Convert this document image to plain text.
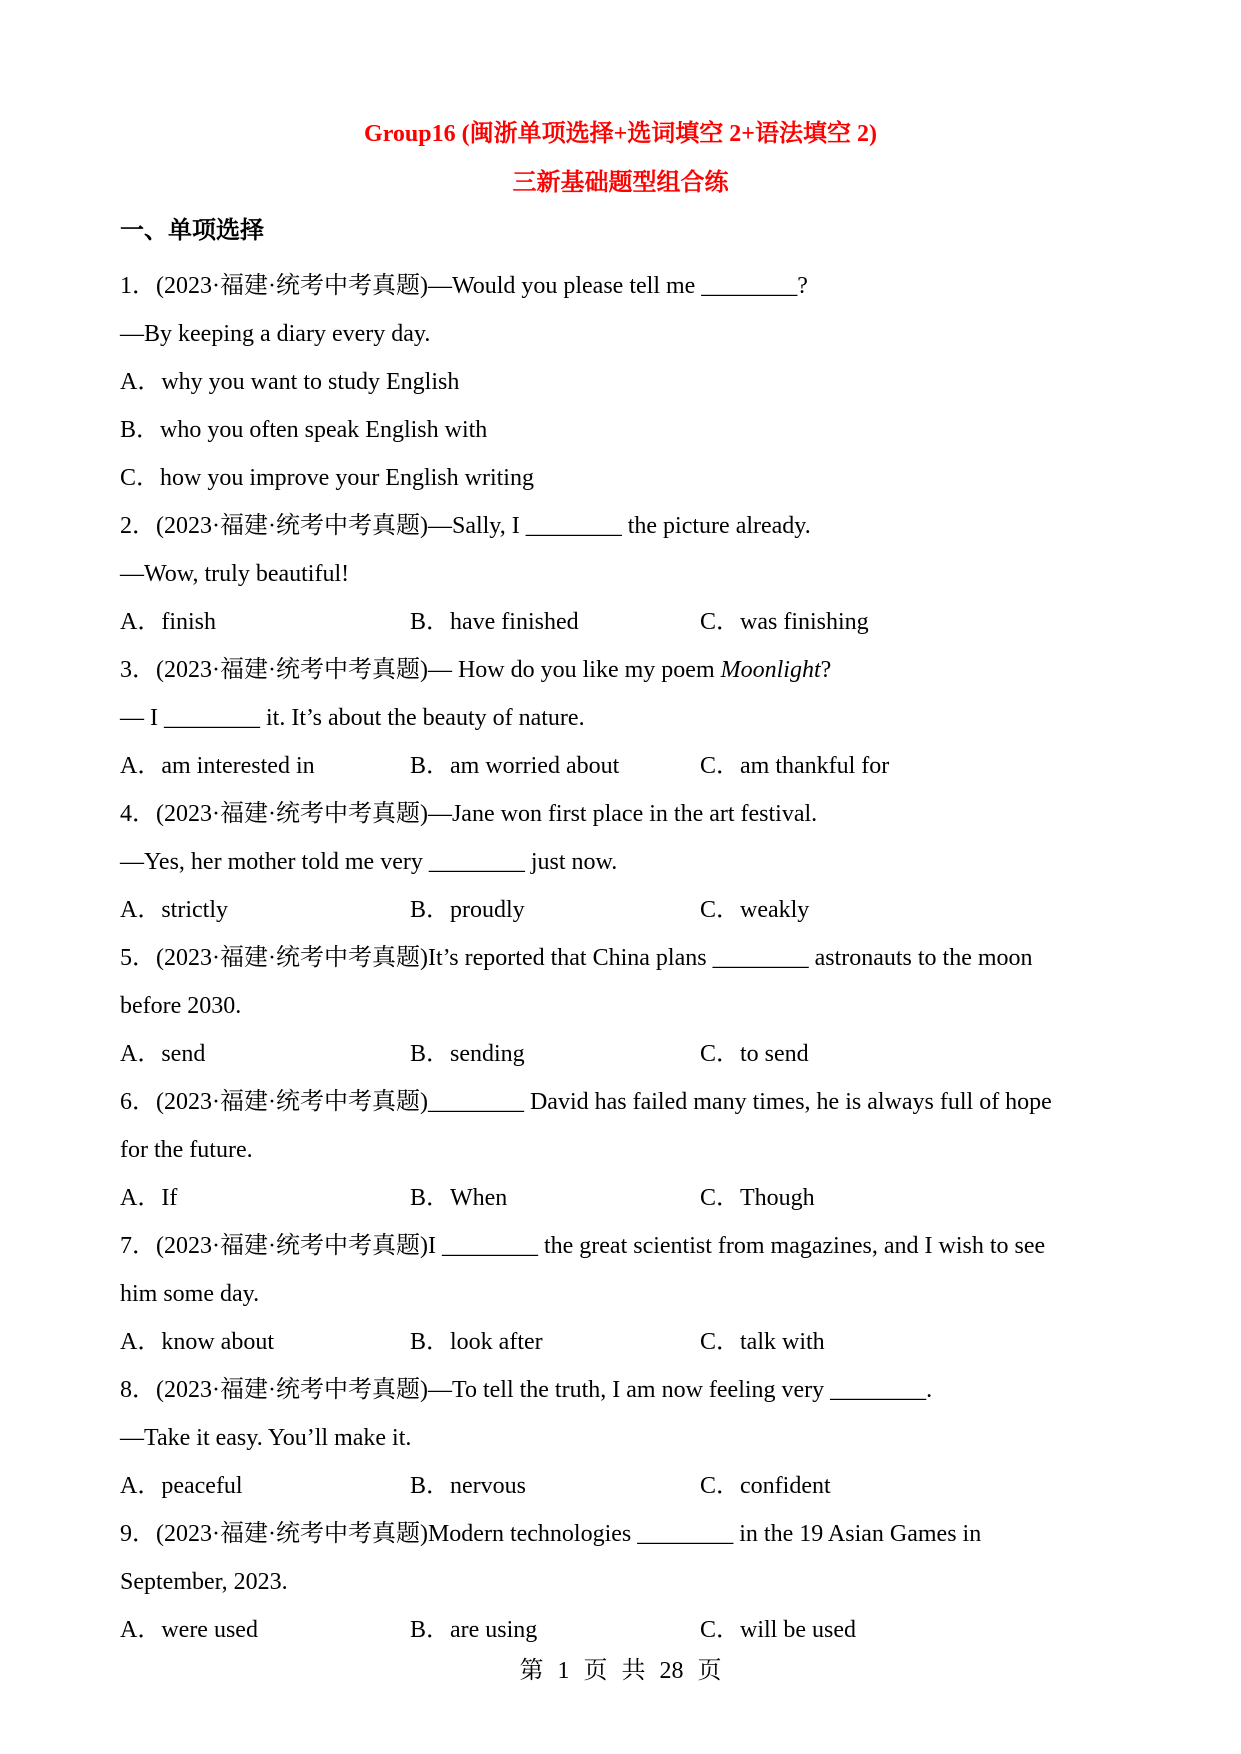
Group16 (闽浙单项选择+选词填空 2+语法填空 2)
三新基础题型组合练
一、单项选择
1．(2023·福建·统考中考真题)—Would you please tell me ________?
—By keeping a diary every day.
A．why you want to study English
B．who you often speak English with
C．how you improve your English writing
2．(2023·福建·统考中考真题)—Sally, I ________ the picture already.
—Wow, truly beautiful!
A．finish	B．have finished	C．was finishing
3．(2023·福建·统考中考真题)— How do you like my poem Moonlight?
— I ________ it. It’s about the beauty of nature.
A．am interested in	B．am worried about	C．am thankful for
4．(2023·福建·统考中考真题)—Jane won first place in the art festival.
—Yes, her mother told me very ________ just now.
A．strictly	B．proudly	C．weakly
5．(2023·福建·统考中考真题)It’s reported that China plans ________ astronauts to the moon
before 2030.
A．send	B．sending	C．to send
6．(2023·福建·统考中考真题)________ David has failed many times, he is always full of hope
for the future.
A．If	B．When	C．Though
7．(2023·福建·统考中考真题)I ________ the great scientist from magazines, and I wish to see
him some day.
A．know about	B．look after	C．talk with
8．(2023·福建·统考中考真题)—To tell the truth, I am now feeling very ________.
—Take it easy. You’ll make it.
A．peaceful	B．nervous	C．confident
9．(2023·福建·统考中考真题)Modern technologies ________ in the 19 Asian Games in
September, 2023.
A．were used	B．are using	C．will be used
第 1 页 共 28 页
